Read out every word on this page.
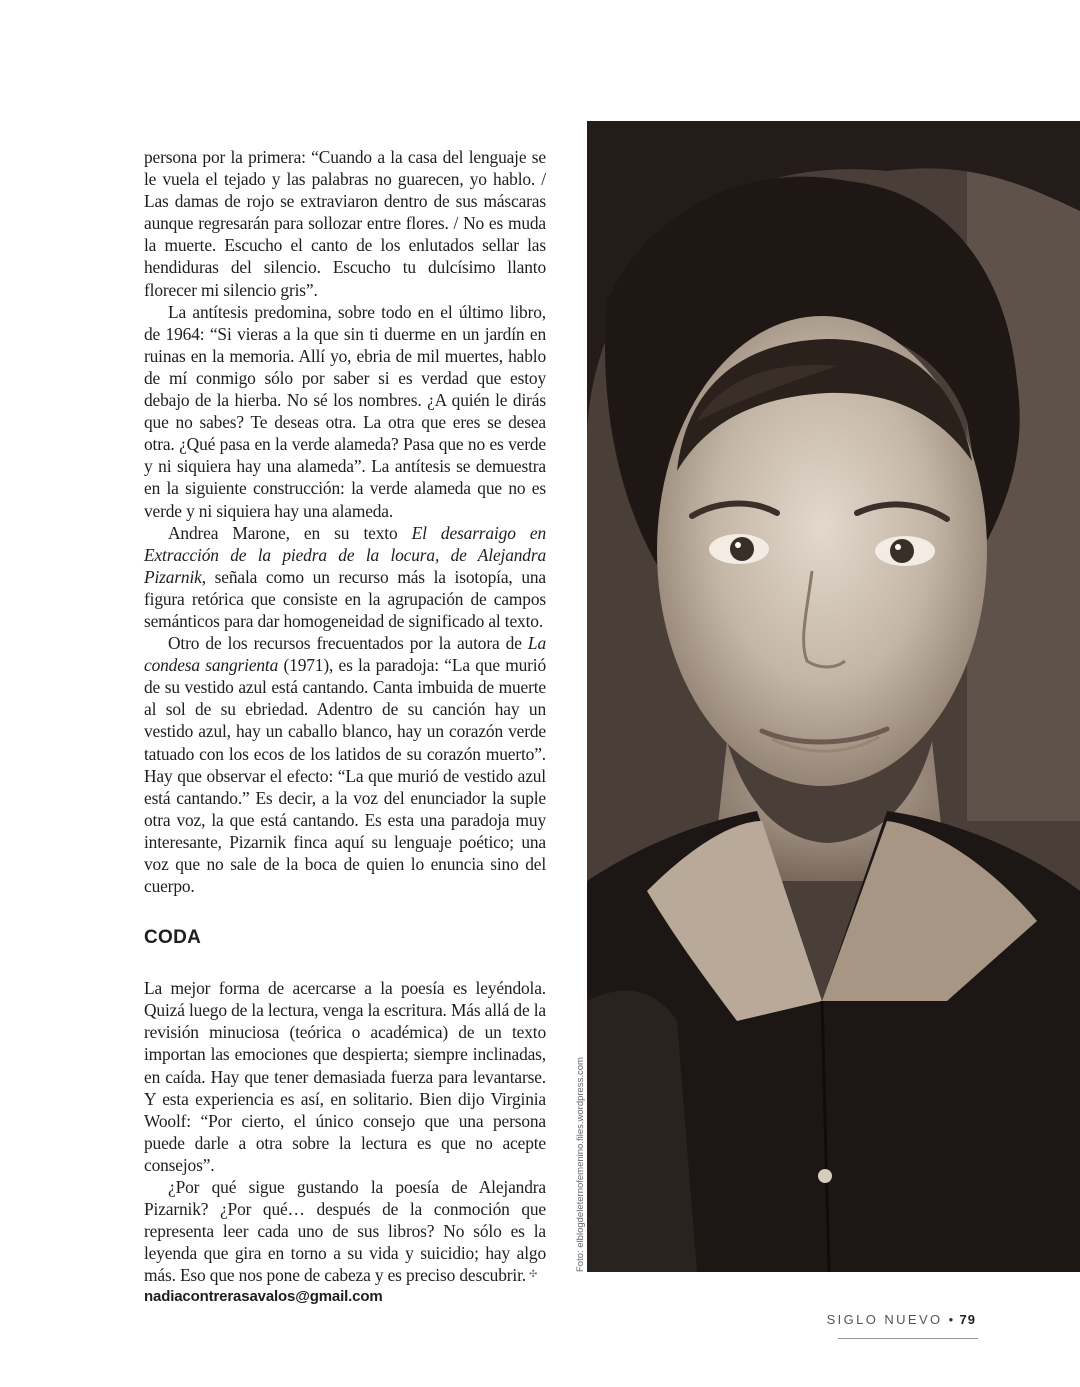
persona por la primera: “Cuando a la casa del lenguaje se le vuela el tejado y las palabras no guarecen, yo hablo. / Las damas de rojo se extraviaron dentro de sus máscaras aunque regresarán para sollozar entre flores. / No es muda la muerte. Escucho el canto de los enlutados sellar las hendiduras del silencio. Escucho tu dulcísimo llanto florecer mi silencio gris”.

La antítesis predomina, sobre todo en el último libro, de 1964: “Si vieras a la que sin ti duerme en un jardín en ruinas en la memoria. Allí yo, ebria de mil muertes, hablo de mí conmigo sólo por saber si es verdad que estoy debajo de la hierba. No sé los nombres. ¿A quién le dirás que no sabes? Te deseas otra. La otra que eres se desea otra. ¿Qué pasa en la verde alameda? Pasa que no es verde y ni siquiera hay una alameda”. La antítesis se demuestra en la siguiente construcción: la verde alameda que no es verde y ni siquiera hay una alameda.

Andrea Marone, en su texto El desarraigo en Extracción de la piedra de la locura, de Alejandra Pizarnik, señala como un recurso más la isotopía, una figura retórica que consiste en la agrupación de campos semánticos para dar homogeneidad de significado al texto.

Otro de los recursos frecuentados por la autora de La condesa sangrienta (1971), es la paradoja: “La que murió de su vestido azul está cantando. Canta imbuida de muerte al sol de su ebriedad. Adentro de su canción hay un vestido azul, hay un caballo blanco, hay un corazón verde tatuado con los ecos de los latidos de su corazón muerto”. Hay que observar el efecto: “La que murió de vestido azul está cantando.” Es decir, a la voz del enunciador la suple otra voz, la que está cantando. Es esta una paradoja muy interesante, Pizarnik finca aquí su lenguaje poético; una voz que no sale de la boca de quien lo enuncia sino del cuerpo.

CODA

La mejor forma de acercarse a la poesía es leyéndola. Quizá luego de la lectura, venga la escritura. Más allá de la revisión minuciosa (teórica o académica) de un texto importan las emociones que despierta; siempre inclinadas, en caída. Hay que tener demasiada fuerza para levantarse. Y esta experiencia es así, en solitario. Bien dijo Virginia Woolf: “Por cierto, el único consejo que una persona puede darle a otra sobre la lectura es que no acepte consejos”.

¿Por qué sigue gustando la poesía de Alejandra Pizarnik? ¿Por qué… después de la conmoción que representa leer cada uno de sus libros? No sólo es la leyenda que gira en torno a su vida y suicidio; hay algo más. Eso que nos pone de cabeza y es preciso descubrir. ✣

nadiacontrerasavalos@gmail.com
Foto: elblogdeleternofemenino.files.wordpress.com
SIGLO NUEVO • 79
